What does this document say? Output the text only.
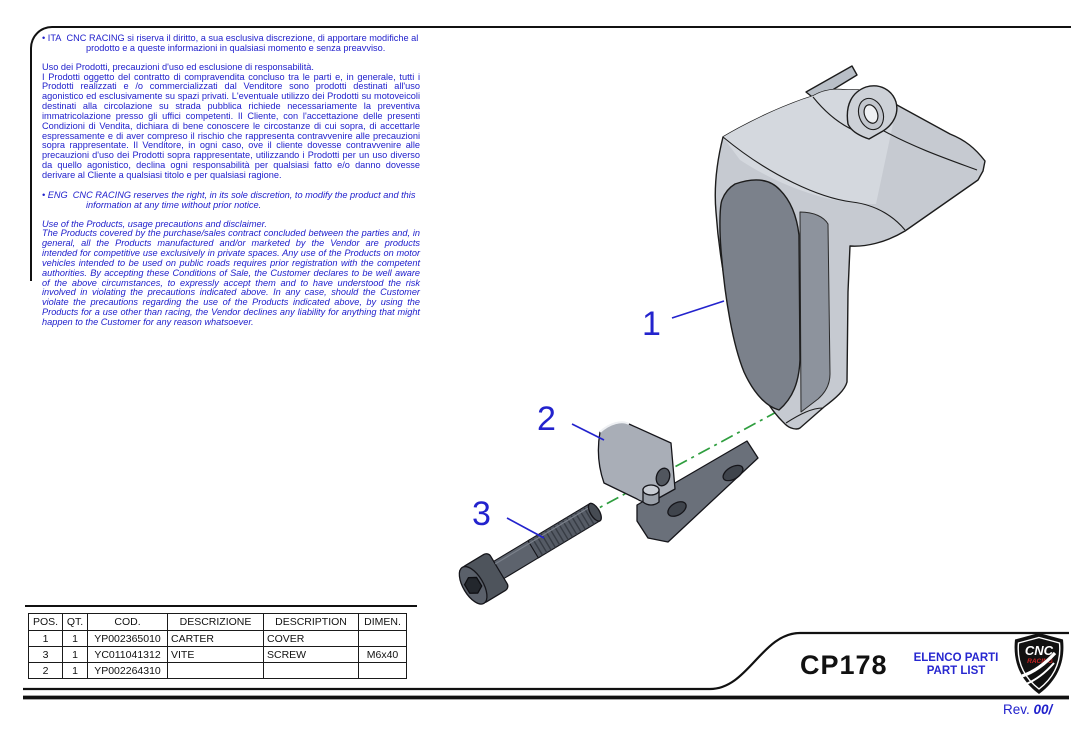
• ITA CNC RACING si riserva il diritto, a sua esclusiva discrezione, di apportare modifiche al prodotto e a queste informazioni in qualsiasi momento e senza preavviso.
Uso dei Prodotti, precauzioni d'uso ed esclusione di responsabilità.
I Prodotti oggetto del contratto di compravendita concluso tra le parti e, in generale, tutti i Prodotti realizzati e /o commercializzati dal Venditore sono prodotti destinati all'uso agonistico ed esclusivamente su spazi privati. L'eventuale utilizzo dei Prodotti su motoveicoli destinati alla circolazione su strada pubblica richiede necessariamente la preventiva immatricolazione presso gli uffici competenti. Il Cliente, con l'accettazione delle presenti Condizioni di Vendita, dichiara di bene conoscere le circostanze di cui sopra, di accettarle espressamente e di aver compreso il rischio che rappresenta contravvenire alle precauzioni sopra rappresentate. Il Venditore, in ogni caso, ove il cliente dovesse contravvenire alle precauzioni d'uso dei Prodotti sopra rappresentate, utilizzando i Prodotti per un uso diverso da quello agonistico, declina ogni responsabilità per qualsiasi fatto e/o danno dovesse derivare al Cliente a qualsiasi titolo e per qualsiasi ragione.
• ENG CNC RACING reserves the right, in its sole discretion, to modify the product and this information at any time without prior notice.
Use of the Products, usage precautions and disclaimer.
The Products covered by the purchase/sales contract concluded between the parties and, in general, all the Products manufactured and/or marketed by the Vendor are products intended for competitive use exclusively in private spaces. Any use of the Products on motor vehicles intended to be used on public roads requires prior registration with the competent authorities. By accepting these Conditions of Sale, the Customer declares to be well aware of the above circumstances, to expressly accept them and to have understood the risk involved in violating the precautions indicated above. In any case, should the Customer violate the precautions regarding the use of the Products indicated above, by using the Products for a use other than racing, the Vendor declines any liability for anything that might happen to the Customer for any reason whatsoever.	1
2
3
POS.	QT.	COD.	DESCRIZIONE	DESCRIPTION	DIMEN.
1	1	YP002365010	CARTER	COVER	
3	1	YC011041312	VITE	SCREW	M6x40
2	1	YP002264310				CP178	ELENCO PARTI
PART LIST
CNC
RACING
Rev. 00/
